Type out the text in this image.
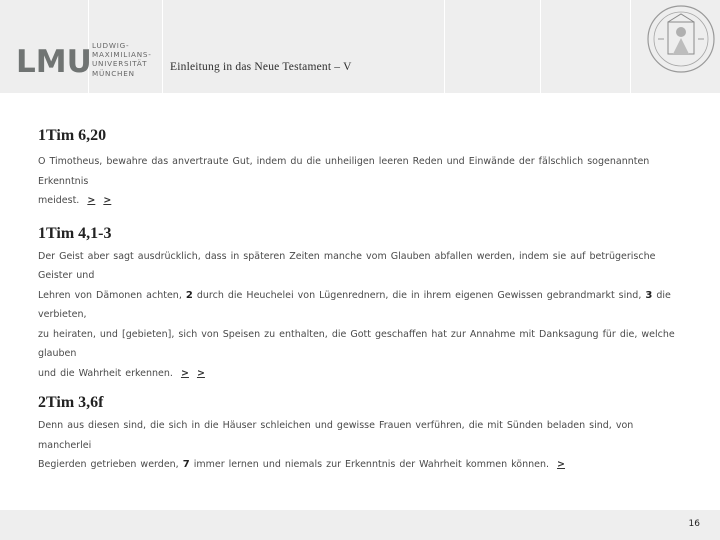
LMU LUDWIG-
MAXIMILIANS-
UNIVERSITÄT
MÜNCHEN
Einleitung in das Neue Testament – V
1Tim 6,20

O Timotheus, bewahre das anvertraute Gut, indem du die unheiligen leeren Reden und Einwände der fälschlich sogenannten Erkenntnis
meidest. > >

1Tim 4,1-3

Der Geist aber sagt ausdrücklich, dass in späteren Zeiten manche vom Glauben abfallen werden, indem sie auf betrügerische Geister und
Lehren von Dämonen achten, 2 durch die Heuchelei von Lügenrednern, die in ihrem eigenen Gewissen gebrandmarkt sind, 3 die verbieten,
zu heiraten, und [gebieten], sich von Speisen zu enthalten, die Gott geschaffen hat zur Annahme mit Danksagung für die, welche glauben
und die Wahrheit erkennen. > >

2Tim 3,6f

Denn aus diesen sind, die sich in die Häuser schleichen und gewisse Frauen verführen, die mit Sünden beladen sind, von mancherlei
Begierden getrieben werden, 7 immer lernen und niemals zur Erkenntnis der Wahrheit kommen können. >

16
